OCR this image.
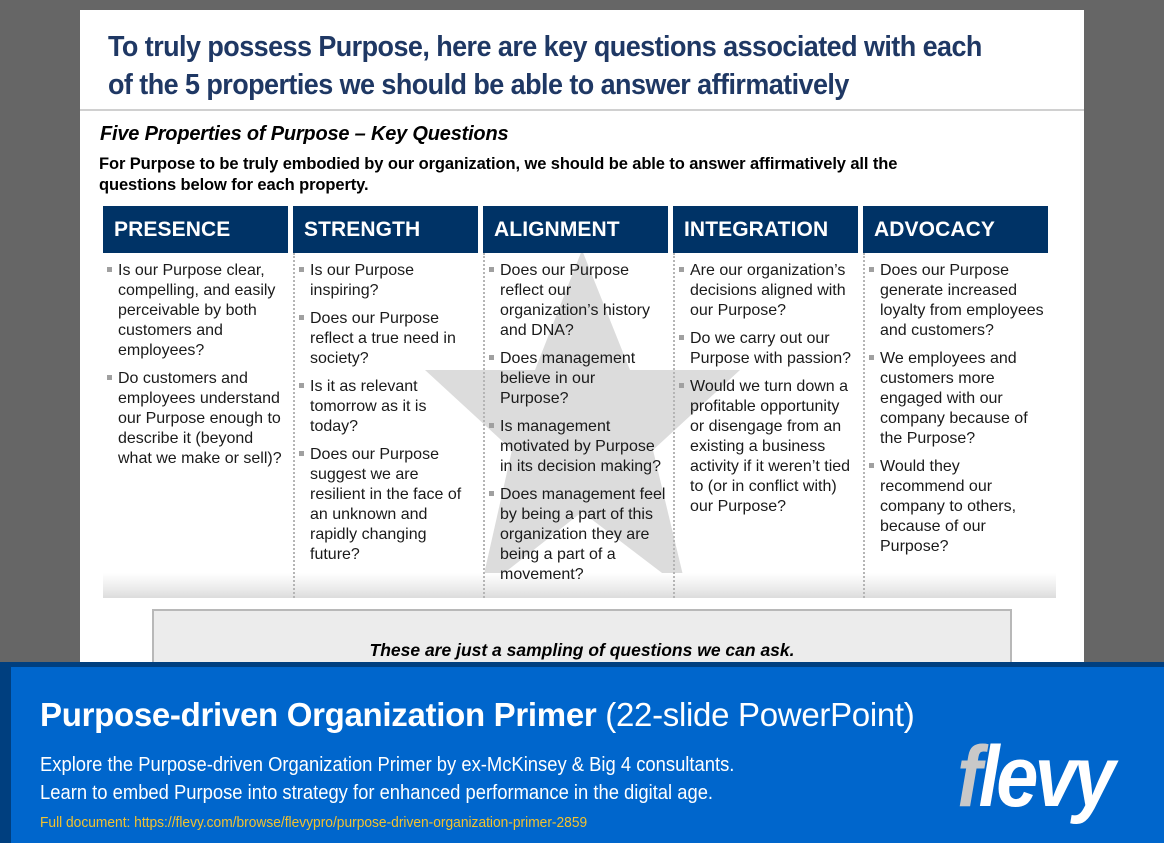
To truly possess Purpose, here are key questions associated with each
of the 5 properties we should be able to answer affirmatively
Five Properties of Purpose – Key Questions
For Purpose to be truly embodied by our organization, we should be able to answer affirmatively all the
questions below for each property.
PRESENCE
Is our Purpose clear, compelling, and easily perceivable by both customers and employees?
Do customers and employees understand our Purpose enough to describe it (beyond what we make or sell)?
STRENGTH
Is our Purpose inspiring?
Does our Purpose reflect a true need in society?
Is it as relevant tomorrow as it is today?
Does our Purpose suggest we are resilient in the face of an unknown and rapidly changing future?
ALIGNMENT
Does our Purpose reflect our organization’s history and DNA?
Does management believe in our Purpose?
Is management motivated by Purpose in its decision making?
Does management feel by being a part of this organization they are being a part of a movement?
INTEGRATION
Are our organization’s decisions aligned with our Purpose?
Do we carry out our Purpose with passion?
Would we turn down a profitable opportunity or disengage from an existing a business activity if it weren’t tied to (or in conflict with) our Purpose?
ADVOCACY
Does our Purpose generate increased loyalty from employees and customers?
We employees and customers more engaged with our company because of the Purpose?
Would they recommend our company to others, because of our Purpose?
These are just a sampling of questions we can ask.
Purpose-driven Organization Primer (22-slide PowerPoint)
Explore the Purpose-driven Organization Primer by ex-McKinsey & Big 4 consultants.
Learn to embed Purpose into strategy for enhanced performance in the digital age.
Full document: https://flevy.com/browse/flevypro/purpose-driven-organization-primer-2859	flevy
